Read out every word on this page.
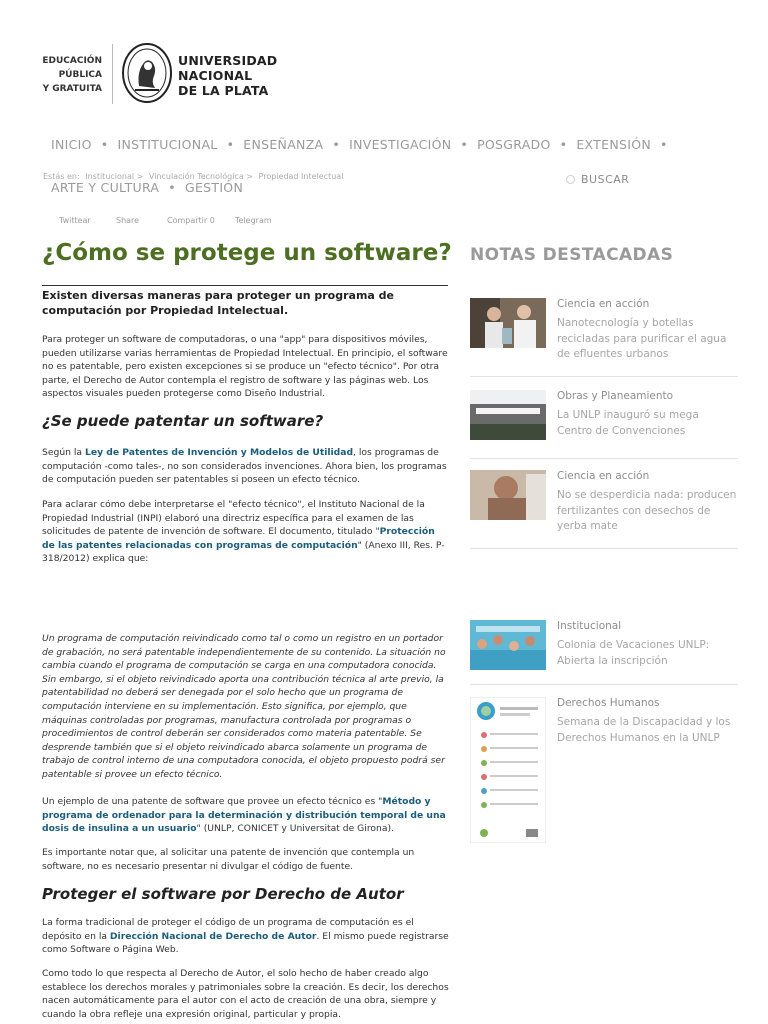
EDUCACIÓN
PÚBLICA
Y GRATUITA
UNIVERSIDAD
NACIONAL
DE LA PLATA
INICIO • INSTITUCIONAL • ENSEÑANZA • INVESTIGACIÓN • POSGRADO • EXTENSIÓN •
Estás en: Institucional > Vinculación Tecnológica > Propiedad Intelectual
ARTE Y CULTURA • GESTIÓN
BUSCAR
Twittear	Share	Compartir 0	Telegram
¿Cómo se protege un software?

Existen diversas maneras para proteger un programa de computación por Propiedad Intelectual.

Para proteger un software de computadoras, o una "app" para dispositivos móviles, pueden utilizarse varias herramientas de Propiedad Intelectual. En principio, el software no es patentable, pero existen excepciones si se produce un "efecto técnico". Por otra parte, el Derecho de Autor contempla el registro de software y las páginas web. Los aspectos visuales pueden protegerse como Diseño Industrial.

¿Se puede patentar un software?

Según la Ley de Patentes de Invención y Modelos de Utilidad, los programas de computación -como tales-, no son considerados invenciones. Ahora bien, los programas de computación pueden ser patentables si poseen un efecto técnico.

Para aclarar cómo debe interpretarse el "efecto técnico", el Instituto Nacional de la Propiedad Industrial (INPI) elaboró una directriz específica para el examen de las solicitudes de patente de invención de software. El documento, titulado "Protección de las patentes relacionadas con programas de computación" (Anexo III, Res. P-318/2012) explica que:

Un programa de computación reivindicado como tal o como un registro en un portador de grabación, no será patentable independientemente de su contenido. La situación no cambia cuando el programa de computación se carga en una computadora conocida. Sin embargo, si el objeto reivindicado aporta una contribución técnica al arte previo, la patentabilidad no deberá ser denegada por el solo hecho que un programa de computación interviene en su implementación. Esto significa, por ejemplo, que máquinas controladas por programas, manufactura controlada por programas o procedimientos de control deberán ser considerados como materia patentable. Se desprende también que si el objeto reivindicado abarca solamente un programa de trabajo de control interno de una computadora conocida, el objeto propuesto podrá ser patentable si provee un efecto técnico.

Un ejemplo de una patente de software que provee un efecto técnico es "Método y programa de ordenador para la determinación y distribución temporal de una dosis de insulina a un usuario" (UNLP, CONICET y Universitat de Girona).

Es importante notar que, al solicitar una patente de invención que contempla un software, no es necesario presentar ni divulgar el código de fuente.

Proteger el software por Derecho de Autor

La forma tradicional de proteger el código de un programa de computación es el depósito en la Dirección Nacional de Derecho de Autor. El mismo puede registrarse como Software o Página Web.

Como todo lo que respecta al Derecho de Autor, el solo hecho de haber creado algo establece los derechos morales y patrimoniales sobre la creación. Es decir, los derechos nacen automáticamente para el autor con el acto de creación de una obra, siempre y cuando la obra refleje una expresión original, particular y propia.

NOTAS DESTACADAS
Ciencia en acción
Nanotecnología y botellas recicladas para purificar el agua de efluentes urbanos
Obras y Planeamiento
La UNLP inauguró su mega Centro de Convenciones
Ciencia en acción
No se desperdicia nada: producen fertilizantes con desechos de yerba mate
Institucional
Colonia de Vacaciones UNLP: Abierta la inscripción
Derechos Humanos
Semana de la Discapacidad y los Derechos Humanos en la UNLP
